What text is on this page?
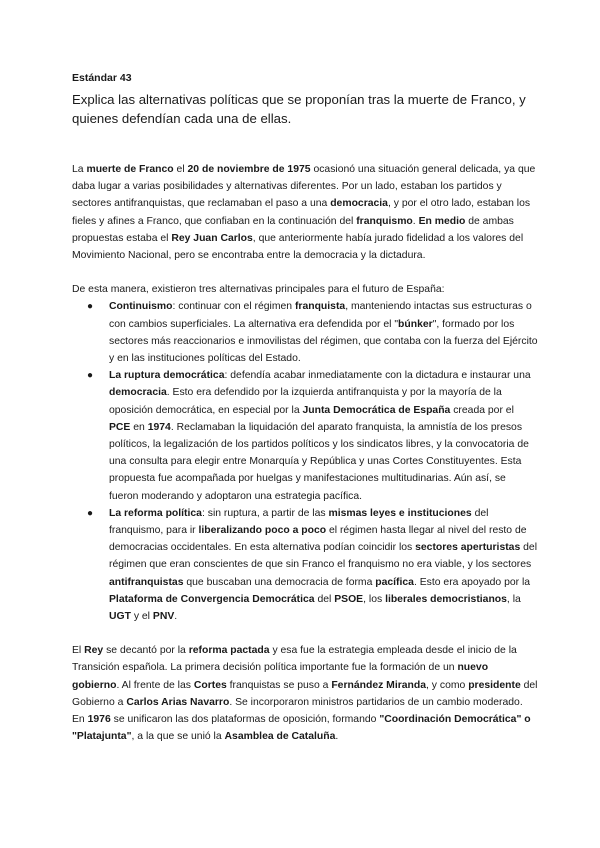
Estándar 43
Explica las alternativas políticas que se proponían tras la muerte de Franco, y quienes defendían cada una de ellas.

La muerte de Franco el 20 de noviembre de 1975 ocasionó una situación general delicada, ya que daba lugar a varias posibilidades y alternativas diferentes. Por un lado, estaban los partidos y sectores antifranquistas, que reclamaban el paso a una democracia, y por el otro lado, estaban los fieles y afines a Franco, que confiaban en la continuación del franquismo. En medio de ambas propuestas estaba el Rey Juan Carlos, que anteriormente había jurado fidelidad a los valores del Movimiento Nacional, pero se encontraba entre la democracia y la dictadura.

De esta manera, existieron tres alternativas principales para el futuro de España:

● Continuismo: continuar con el régimen franquista, manteniendo intactas sus estructuras o con cambios superficiales. La alternativa era defendida por el "búnker", formado por los sectores más reaccionarios e inmovilistas del régimen, que contaba con la fuerza del Ejército y en las instituciones políticas del Estado.
● La ruptura democrática: defendía acabar inmediatamente con la dictadura e instaurar una democracia. Esto era defendido por la izquierda antifranquista y por la mayoría de la oposición democrática, en especial por la Junta Democrática de España creada por el PCE en 1974. Reclamaban la liquidación del aparato franquista, la amnistía de los presos políticos, la legalización de los partidos políticos y los sindicatos libres, y la convocatoria de una consulta para elegir entre Monarquía y República y unas Cortes Constituyentes. Esta propuesta fue acompañada por huelgas y manifestaciones multitudinarias. Aún así, se fueron moderando y adoptaron una estrategia pacífica.
● La reforma política: sin ruptura, a partir de las mismas leyes e instituciones del franquismo, para ir liberalizando poco a poco el régimen hasta llegar al nivel del resto de democracias occidentales. En esta alternativa podían coincidir los sectores aperturistas del régimen que eran conscientes de que sin Franco el franquismo no era viable, y los sectores antifranquistas que buscaban una democracia de forma pacífica. Esto era apoyado por la Plataforma de Convergencia Democrática del PSOE, los liberales democristianos, la UGT y el PNV.

El Rey se decantó por la reforma pactada y esa fue la estrategia empleada desde el inicio de la Transición española. La primera decisión política importante fue la formación de un nuevo gobierno. Al frente de las Cortes franquistas se puso a Fernández Miranda, y como presidente del Gobierno a Carlos Arias Navarro. Se incorporaron ministros partidarios de un cambio moderado. En 1976 se unificaron las dos plataformas de oposición, formando "Coordinación Democrática" o "Platajunta", a la que se unió la Asamblea de Cataluña.
